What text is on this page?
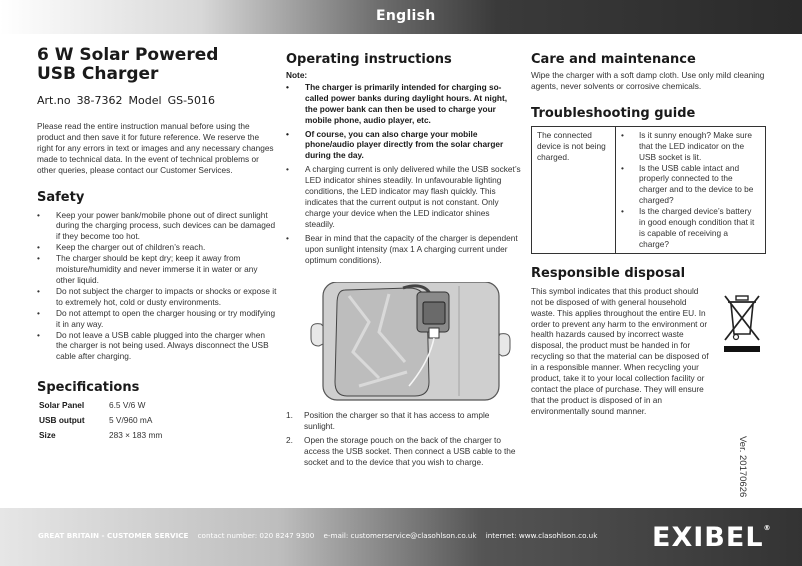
English
6 W Solar Powered
USB Charger
Art.no 38-7362 Model GS-5016

Please read the entire instruction manual before using the product and then save it for future reference. We reserve the right for any errors in text or images and any necessary changes made to technical data. In the event of technical problems or other queries, please contact our Customer Services.

Safety
• Keep your power bank/mobile phone out of direct sunlight during the charging process, such devices can be damaged if they become too hot.
• Keep the charger out of children’s reach.
• The charger should be kept dry; keep it away from moisture/humidity and never immerse it in water or any other liquid.
• Do not subject the charger to impacts or shocks or expose it to extremely hot, cold or dusty environments.
• Do not attempt to open the charger housing or try modifying it in any way.
• Do not leave a USB cable plugged into the charger when the charger is not being used. Always disconnect the USB cable after charging.
Specifications
Solar Panel	6.5 V/6 W
USB output	5 V/960 mA
Size	283 × 183 mm
Operating instructions

Note:

• The charger is primarily intended for charging so-called power banks during daylight hours. At night, the power bank can then be used to charge your mobile phone, audio player, etc.
• Of course, you can also charge your mobile phone/audio player directly from the solar charger during the day.
• A charging current is only delivered while the USB socket’s LED indicator shines steadily. In unfavourable lighting conditions, the LED indicator may flash quickly. This indicates that the current output is not constant. Only charge your device when the LED indicator shines steadily.
• Bear in mind that the capacity of the charger is dependent upon sunlight intensity (max 1 A charging current under optimum conditions).
1. Position the charger so that it has access to ample sunlight.
2. Open the storage pouch on the back of the charger to access the USB socket. Then connect a USB cable to the socket and to the device that you wish to charge.
Care and maintenance

Wipe the charger with a soft damp cloth. Use only mild cleaning agents, never solvents or corrosive chemicals.

Troubleshooting guide
The connected device is not being charged.	
• Is it sunny enough? Make sure that the LED indicator on the USB socket is lit.
• Is the USB cable intact and properly connected to the charger and to the device to be charged?
• Is the charged device’s battery in good enough condition that it is capable of receiving a charge?
Responsible disposal

This symbol indicates that this product should not be disposed of with general household waste. This applies throughout the entire EU. In order to prevent any harm to the environment or health hazards caused by incorrect waste disposal, the product must be handed in for recycling so that the material can be disposed of in a responsible manner. When recycling your product, take it to your local collection facility or contact the place of purchase. They will ensure that the product is disposed of in an environmentally sound manner.

Ver. 20170626
GREAT BRITAIN - CUSTOMER SERVICE contact number: 020 8247 9300 e-mail: customerservice@clasohlson.co.uk internet: www.clasohlson.co.uk EXIBEL®
